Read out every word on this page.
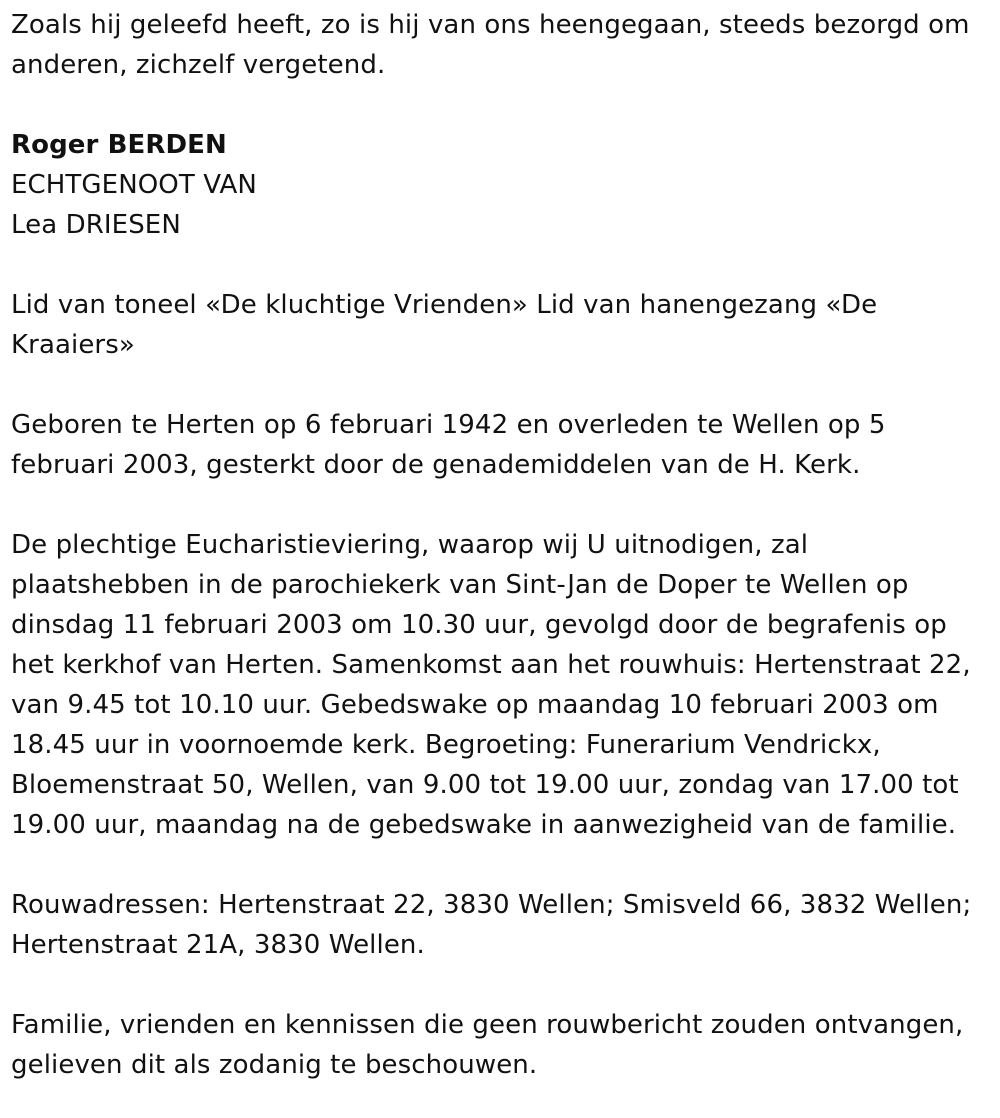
Zoals hij geleefd heeft, zo is hij van ons heengegaan, steeds bezorgd om anderen, zichzelf vergetend.

Roger BERDEN

ECHTGENOOT VAN

Lea DRIESEN

Lid van toneel «De kluchtige Vrienden» Lid van hanengezang «De Kraaiers»

Geboren te Herten op 6 februari 1942 en overleden te Wellen op 5 februari 2003, gesterkt door de genademiddelen van de H. Kerk.

De plechtige Eucharistieviering, waarop wij U uitnodigen, zal plaatshebben in de parochiekerk van Sint-Jan de Doper te Wellen op dinsdag 11 februari 2003 om 10.30 uur, gevolgd door de begrafenis op het kerkhof van Herten. Samenkomst aan het rouwhuis: Hertenstraat 22, van 9.45 tot 10.10 uur. Gebedswake op maandag 10 februari 2003 om 18.45 uur in voornoemde kerk. Begroeting: Funerarium Vendrickx, Bloemenstraat 50, Wellen, van 9.00 tot 19.00 uur, zondag van 17.00 tot 19.00 uur, maandag na de gebedswake in aanwezigheid van de familie.

Rouwadressen: Hertenstraat 22, 3830 Wellen; Smisveld 66, 3832 Wellen; Hertenstraat 21A, 3830 Wellen.

Familie, vrienden en kennissen die geen rouwbericht zouden ontvangen, gelieven dit als zodanig te beschouwen.
